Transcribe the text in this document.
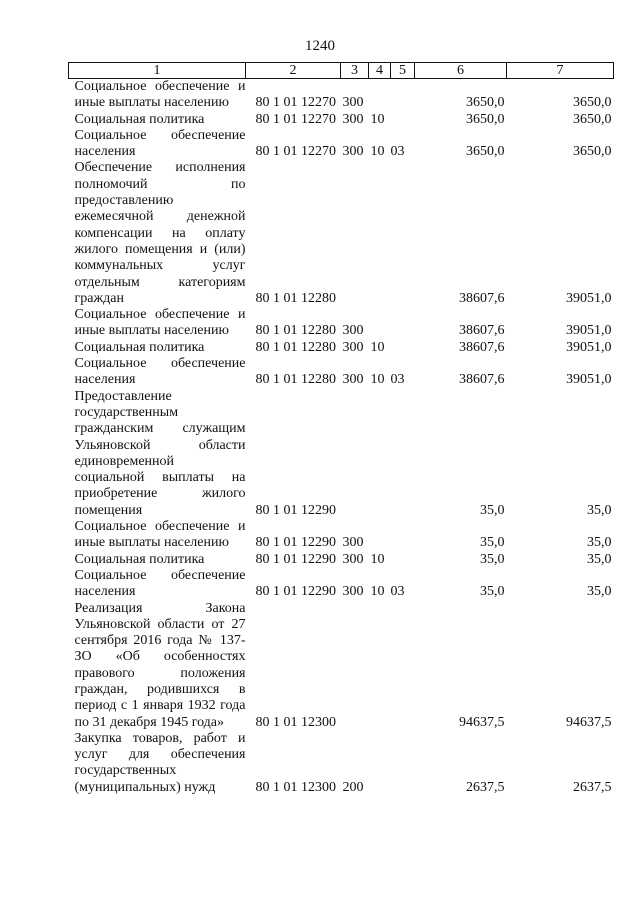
1240
1	2	3	4	5	6	7
Социальное обеспечение и иные выплаты населению	80 1 01 12270	300			3650,0	3650,0
Социальная политика	80 1 01 12270	300	10		3650,0	3650,0
Социальное обеспечение населения	80 1 01 12270	300	10	03	3650,0	3650,0
Обеспечение исполнения полномочий по предоставлению ежемесячной денежной компенсации на оплату жилого помещения и (или) коммунальных услуг отдельным категориям граждан	80 1 01 12280				38607,6	39051,0
Социальное обеспечение и иные выплаты населению	80 1 01 12280	300			38607,6	39051,0
Социальная политика	80 1 01 12280	300	10		38607,6	39051,0
Социальное обеспечение населения	80 1 01 12280	300	10	03	38607,6	39051,0
Предоставление государственным гражданским служащим Ульяновской области единовременной социальной выплаты на приобретение жилого помещения	80 1 01 12290				35,0	35,0
Социальное обеспечение и иные выплаты населению	80 1 01 12290	300			35,0	35,0
Социальная политика	80 1 01 12290	300	10		35,0	35,0
Социальное обеспечение населения	80 1 01 12290	300	10	03	35,0	35,0
Реализация Закона Ульяновской области от 27 сентября 2016 года № 137-ЗО «Об особенностях правового положения граждан, родившихся в период с 1 января 1932 года по 31 декабря 1945 года»	80 1 01 12300				94637,5	94637,5
Закупка товаров, работ и услуг для обеспечения государственных (муниципальных) нужд	80 1 01 12300	200			2637,5	2637,5
